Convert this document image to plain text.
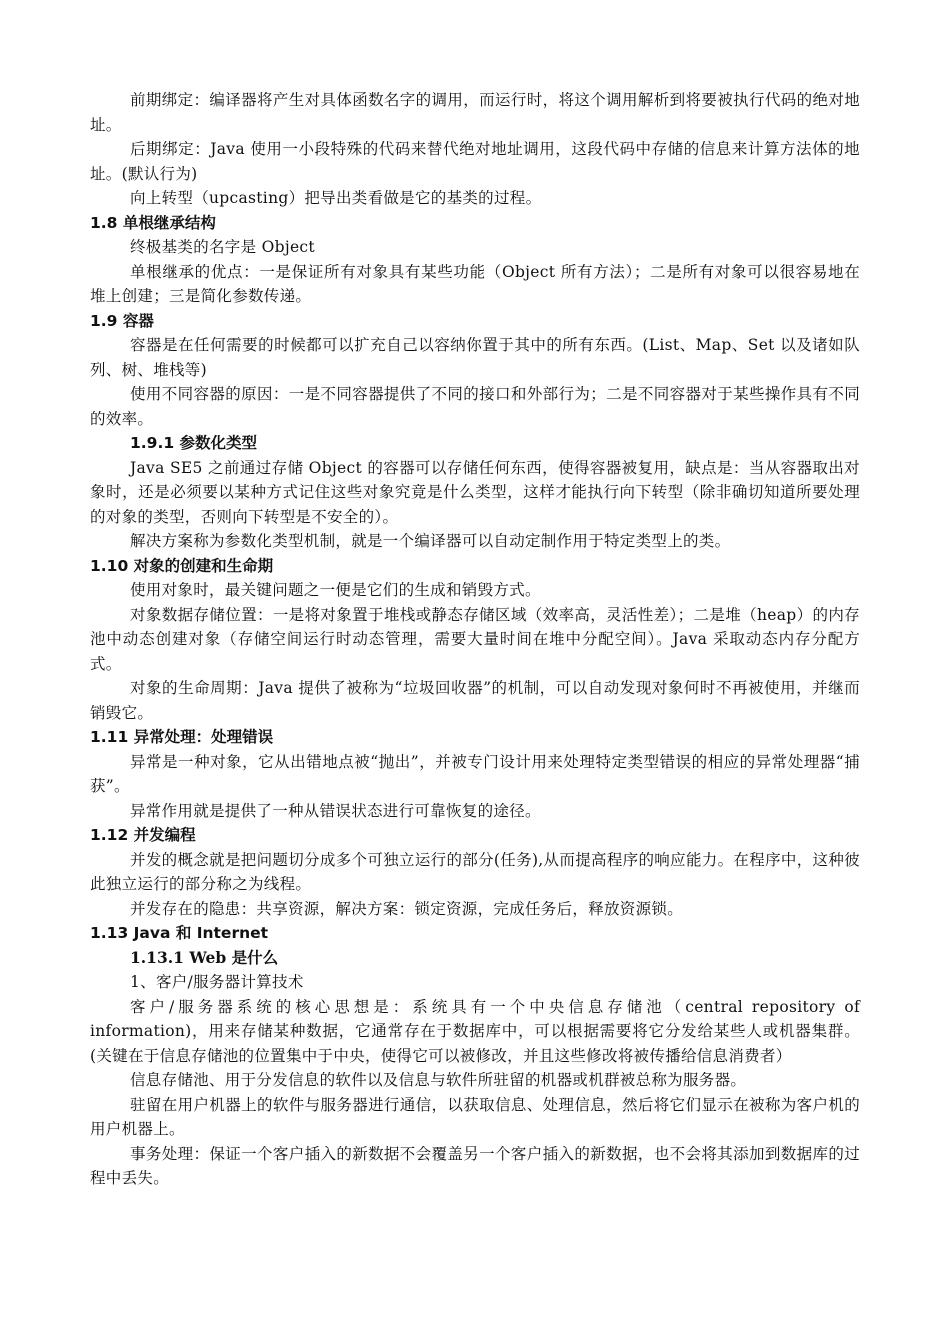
前期绑定：编译器将产生对具体函数名字的调用，而运行时，将这个调用解析到将要被执行代码的绝对地址。

后期绑定：Java 使用一小段特殊的代码来替代绝对地址调用，这段代码中存储的信息来计算方法体的地址。(默认行为)

向上转型（upcasting）把导出类看做是它的基类的过程。

1.8 单根继承结构

终极基类的名字是 Object

单根继承的优点：一是保证所有对象具有某些功能（Object 所有方法）；二是所有对象可以很容易地在堆上创建；三是简化参数传递。

1.9 容器

容器是在任何需要的时候都可以扩充自己以容纳你置于其中的所有东西。(List、Map、Set 以及诸如队列、树、堆栈等)

使用不同容器的原因：一是不同容器提供了不同的接口和外部行为；二是不同容器对于某些操作具有不同的效率。

1.9.1 参数化类型

Java SE5 之前通过存储 Object 的容器可以存储任何东西，使得容器被复用，缺点是：当从容器取出对象时，还是必须要以某种方式记住这些对象究竟是什么类型，这样才能执行向下转型（除非确切知道所要处理的对象的类型，否则向下转型是不安全的）。

解决方案称为参数化类型机制，就是一个编译器可以自动定制作用于特定类型上的类。

1.10 对象的创建和生命期

使用对象时，最关键问题之一便是它们的生成和销毁方式。

对象数据存储位置：一是将对象置于堆栈或静态存储区域（效率高，灵活性差）；二是堆（heap）的内存池中动态创建对象（存储空间运行时动态管理，需要大量时间在堆中分配空间）。Java 采取动态内存分配方式。

对象的生命周期：Java 提供了被称为“垃圾回收器”的机制，可以自动发现对象何时不再被使用，并继而销毁它。

1.11 异常处理：处理错误

异常是一种对象，它从出错地点被“抛出”，并被专门设计用来处理特定类型错误的相应的异常处理器“捕获”。

异常作用就是提供了一种从错误状态进行可靠恢复的途径。

1.12 并发编程

并发的概念就是把问题切分成多个可独立运行的部分(任务),从而提高程序的响应能力。在程序中，这种彼此独立运行的部分称之为线程。

并发存在的隐患：共享资源，解决方案：锁定资源，完成任务后，释放资源锁。

1.13 Java 和 Internet
1.13.1 Web 是什么

1、客户/服务器计算技术

客户/服务器系统的核心思想是：系统具有一个中央信息存储池（central repository of information)，用来存储某种数据，它通常存在于数据库中，可以根据需要将它分发给某些人或机器集群。(关键在于信息存储池的位置集中于中央，使得它可以被修改，并且这些修改将被传播给信息消费者）

信息存储池、用于分发信息的软件以及信息与软件所驻留的机器或机群被总称为服务器。

驻留在用户机器上的软件与服务器进行通信，以获取信息、处理信息，然后将它们显示在被称为客户机的用户机器上。

事务处理：保证一个客户插入的新数据不会覆盖另一个客户插入的新数据，也不会将其添加到数据库的过程中丢失。
